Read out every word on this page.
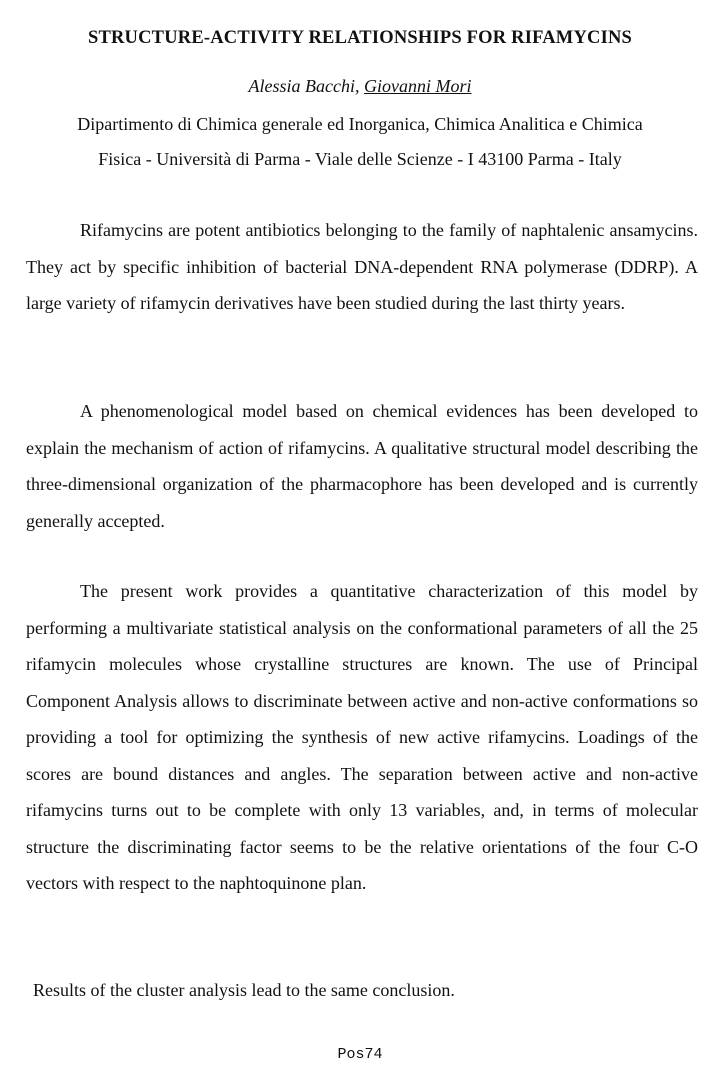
STRUCTURE-ACTIVITY RELATIONSHIPS FOR RIFAMYCINS
Alessia Bacchi, Giovanni Mori
Dipartimento di Chimica generale ed Inorganica, Chimica Analitica e Chimica
Fisica - Università di Parma - Viale delle Scienze - I 43100 Parma - Italy

Rifamycins are potent antibiotics belonging to the family of naphtalenic ansamycins. They act by specific inhibition of bacterial DNA-dependent RNA polymerase (DDRP). A large variety of rifamycin derivatives have been studied during the last thirty years.

A phenomenological model based on chemical evidences has been developed to explain the mechanism of action of rifamycins. A qualitative structural model describing the three-dimensional organization of the pharmacophore has been developed and is currently generally accepted.

The present work provides a quantitative characterization of this model by performing a multivariate statistical analysis on the conformational parameters of all the 25 rifamycin molecules whose crystalline structures are known. The use of Principal Component Analysis allows to discriminate between active and non-active conformations so providing a tool for optimizing the synthesis of new active rifamycins. Loadings of the scores are bound distances and angles. The separation between active and non-active rifamycins turns out to be complete with only 13 variables, and, in terms of molecular structure the discriminating factor seems to be the relative orientations of the four C-O vectors with respect to the naphtoquinone plan.

Results of the cluster analysis lead to the same conclusion.

Pos74
